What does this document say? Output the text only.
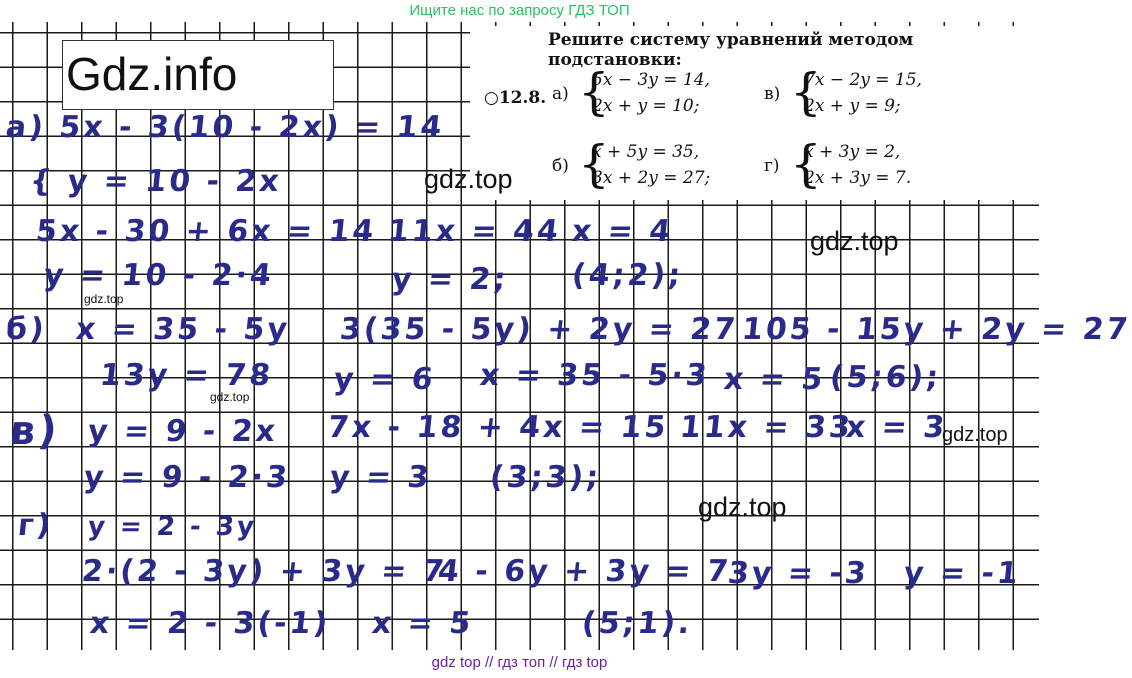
Ищите нас по запросу ГДЗ ТОП
Gdz.info
Решите систему уравнений методом подстановки:
○12.8. а) {
5x − 3y = 14,
2x + y = 10;
в) {
7x − 2y = 15,
2x + y = 9;
б) {
x + 5y = 35,
3x + 2y = 27;
г) {
x + 3y = 2,
2x + 3y = 7.
а) 5x - 3(10 - 2x) = 14
{ y = 10 - 2x
5x - 30 + 6x = 14 11x = 44 x = 4
y = 10 - 2·4	y = 2; (4;2);
б) x = 35 - 5y 3(35 - 5y) + 2y = 27 105 - 15y + 2y = 27
13y = 78 y = 6 x = 35 - 5·3 x = 5 (5;6);
в) y = 9 - 2x 7x - 18 + 4x = 15 11x = 33
x = 3
y = 9 - 2·3 y = 3 (3;3);
г) y = 2 - 3y
2·(2 - 3y) + 3y = 7
4 - 6y + 3y = 7
3y = -3 y = -1
x = 2 - 3(-1) x = 5	(5;1).
gdz.top
gdz.top
gdz.top
gdz.top
gdz.top
gdz.top
gdz top // гдз топ // гдз top
